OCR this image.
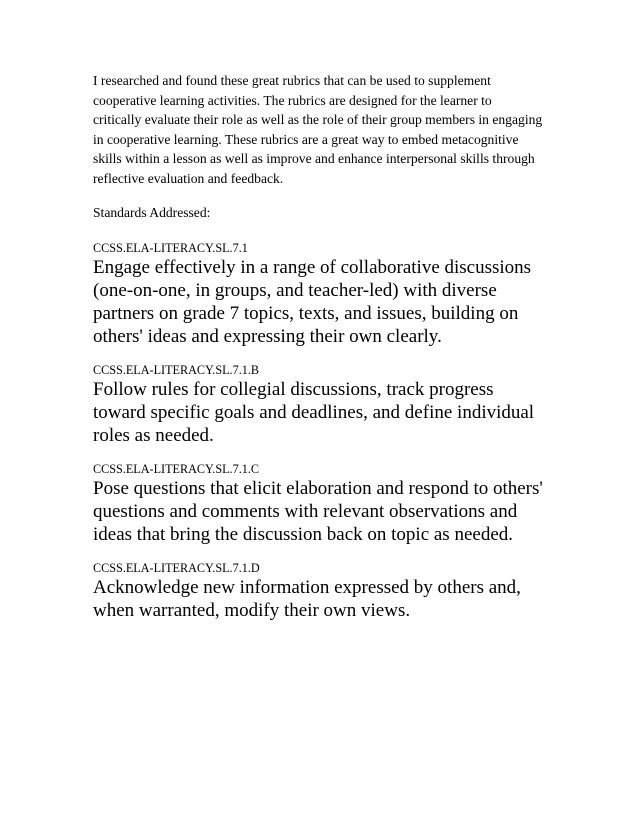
I researched and found these great rubrics that can be used to supplement cooperative learning activities. The rubrics are designed for the learner to critically evaluate their role as well as the role of their group members in engaging in cooperative learning. These rubrics are a great way to embed metacognitive skills within a lesson as well as improve and enhance interpersonal skills through reflective evaluation and feedback.

Standards Addressed:

CCSS.ELA-LITERACY.SL.7.1

Engage effectively in a range of collaborative discussions (one-on-one, in groups, and teacher-led) with diverse partners on grade 7 topics, texts, and issues, building on others' ideas and expressing their own clearly.

CCSS.ELA-LITERACY.SL.7.1.B

Follow rules for collegial discussions, track progress toward specific goals and deadlines, and define individual roles as needed.

CCSS.ELA-LITERACY.SL.7.1.C

Pose questions that elicit elaboration and respond to others' questions and comments with relevant observations and ideas that bring the discussion back on topic as needed.

CCSS.ELA-LITERACY.SL.7.1.D

Acknowledge new information expressed by others and, when warranted, modify their own views.
